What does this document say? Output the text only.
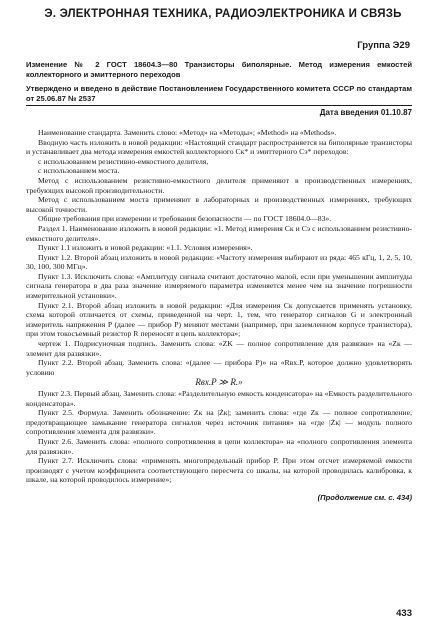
Э. ЭЛЕКТРОННАЯ ТЕХНИКА, РАДИОЭЛЕКТРОНИКА И СВЯЗЬ
Группа Э29

Изменение № 2 ГОСТ 18604.3—80 Транзисторы биполярные. Метод измерения емкостей коллекторного и эмиттерного переходов

Утверждено и введено в действие Постановлением Государственного комитета СССР по стандартам от 25.06.87 № 2537

Дата введения 01.10.87

Наименование стандарта. Заменить слово: «Метод» на «Методы»; «Method» на «Methods».

Вводную часть изложить в новой редакции: «Настоящий стандарт распространяется на биполярные транзисторы и устанавливает два метода измерения емкостей коллекторного Cк* и эмиттерного Cэ* переходов:

с использованием резистивно-емкостного делителя,

с использованием моста.

Метод с использованием резистивно-емкостного делителя применяют в производственных измерениях, требующих высокой производительности.

Метод с использованием моста применяют в лабораторных и производственных измерениях, требующих высокой точности.

Общие требования при измерении и требования безопасности — по ГОСТ 18604.0—83».

Раздел 1. Наименование изложить в новой редакции: «1. Метод измерения Cк и Cэ с использованием резистивно-емкостного делителя».

Пункт 1.1 изложить в новой редакции: «1.1. Условия измерения».

Пункт 1.2. Второй абзац изложить в новой редакции: «Частоту измерения выбирают из ряда: 465 кГц, 1, 2, 5, 10, 30, 100, 300 МГц».

Пункт 1.3. Исключить слова: «Амплитуду сигнала считают достаточно малой, если при уменьшении амплитуды сигнала генератора в два раза значение измеряемого параметра изменяется менее чем на значение погрешности измерительной установки».

Пункт 2.1. Второй абзац изложить в новой редакции: «Для измерения Cк допускается применять установку, схема которой отличается от схемы, приведенной на черт. 1, тем, что генератор сигналов G и электронный измеритель напряжения P (далее — прибор P) меняют местами (например, при заземленном корпусе транзистора), при этом токосъемный резистор R переносят в цепь коллектора»;

чертеж 1. Подрисуночная подпись. Заменить слова: «ZK — полное сопротивление для развязки» на «Zк — элемент для развязки».

Пункт 2.2. Второй абзац. Заменить слова: «(далее — прибора P)» на «Rвх.P, которое должно удовлетворять условию

Rвх.P ≫ R.»

Пункт 2.3. Первый абзац. Заменить слова: «Разделительную емкость конденсатора» на «Емкость разделительного конденсатора».

Пункт 2.5. Формула. Заменить обозначение: Zк на |Żк|; заменить слова: «где Zк — полное сопротивление, предотвращающее замыкание генератора сигналов через источник питания» на «где |Żк| — модуль полного сопротивления элемента для развязки».

Пункт 2.6. Заменить слова: «полного сопротивления в цепи коллектора» на «полного сопротивления элемента для развязки».

Пункт 2.7. Исключить слова: «применять многопредельный прибор P. При этом отсчет измеряемой емкости производят с учетом коэффициента соответствующего пересчета со шкалы, на которой проводилась калибровка, к шкале, на которой проводилось измерение»;

(Продолжение см. с. 434)
433
